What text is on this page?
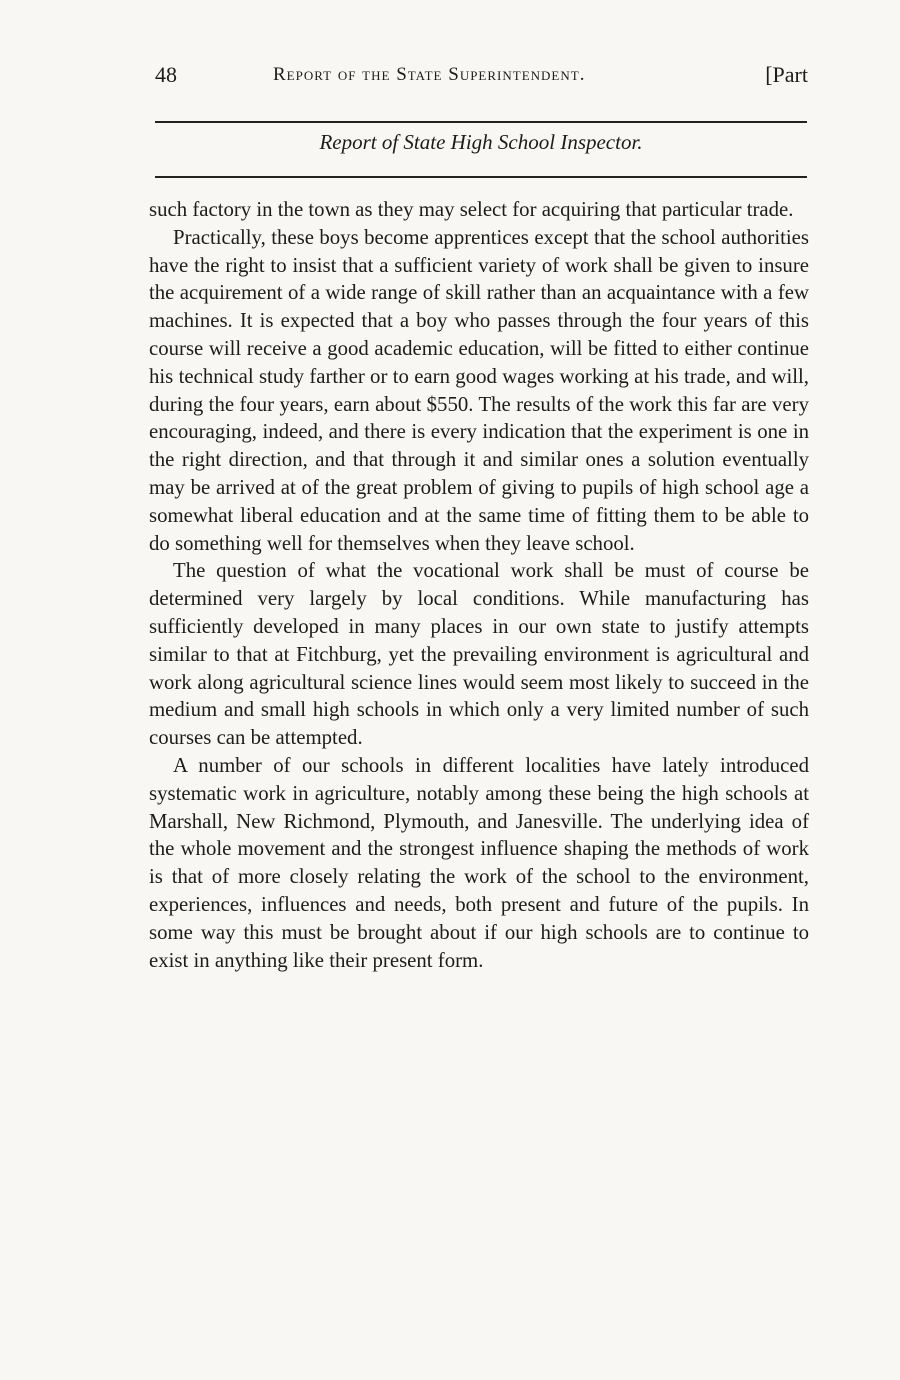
48	Report of the State Superintendent.	[Part
Report of State High School Inspector.

such factory in the town as they may select for acquiring that particular trade.

Practically, these boys become apprentices except that the school authorities have the right to insist that a sufficient variety of work shall be given to insure the acquirement of a wide range of skill rather than an acquaintance with a few machines. It is expected that a boy who passes through the four years of this course will receive a good academic education, will be fitted to either continue his technical study farther or to earn good wages working at his trade, and will, during the four years, earn about $550. The results of the work this far are very encouraging, indeed, and there is every indication that the experiment is one in the right direction, and that through it and similar ones a solution eventually may be arrived at of the great problem of giving to pupils of high school age a somewhat liberal education and at the same time of fitting them to be able to do something well for themselves when they leave school.

The question of what the vocational work shall be must of course be determined very largely by local conditions. While manufacturing has sufficiently developed in many places in our own state to justify attempts similar to that at Fitchburg, yet the prevailing environment is agricultural and work along agricultural science lines would seem most likely to succeed in the medium and small high schools in which only a very limited number of such courses can be attempted.

A number of our schools in different localities have lately introduced systematic work in agriculture, notably among these being the high schools at Marshall, New Richmond, Plymouth, and Janesville. The underlying idea of the whole movement and the strongest influence shaping the methods of work is that of more closely relating the work of the school to the environment, experiences, influences and needs, both present and future of the pupils. In some way this must be brought about if our high schools are to continue to exist in anything like their present form.
